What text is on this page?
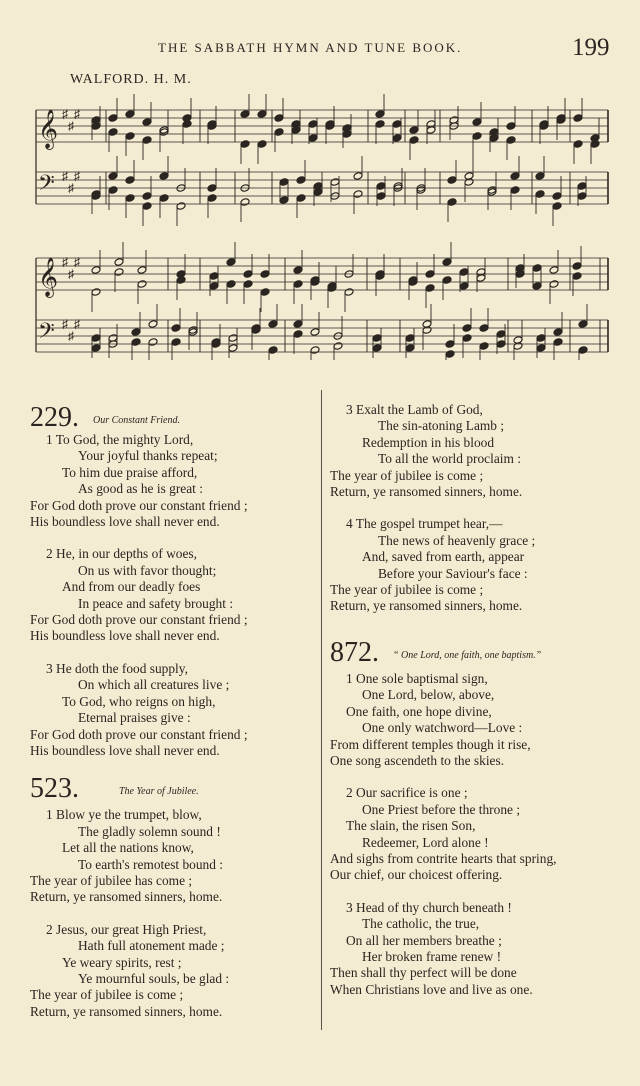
THE SABBATH HYMN AND TUNE BOOK.	199
WALFORD. H. M.
𝄞 ♯
♯
♯
𝄢 ♯
♯
♯
𝄞 ♯
♯
♯
𝄢 ♯
♯
♯
229. Our Constant Friend.
1 To God, the mighty Lord,
Your joyful thanks repeat;
To him due praise afford,
As good as he is great :
For God doth prove our constant friend ;
His boundless love shall never end.
2 He, in our depths of woes,
On us with favor thought;
And from our deadly foes
In peace and safety brought :
For God doth prove our constant friend ;
His boundless love shall never end.
3 He doth the food supply,
On which all creatures live ;
To God, who reigns on high,
Eternal praises give :
For God doth prove our constant friend ;
His boundless love shall never end.
523.	The Year of Jubilee.
1 Blow ye the trumpet, blow,
The gladly solemn sound !
Let all the nations know,
To earth's remotest bound :
The year of jubilee has come ;
Return, ye ransomed sinners, home.
2 Jesus, our great High Priest,
Hath full atonement made ;
Ye weary spirits, rest ;
Ye mournful souls, be glad :
The year of jubilee is come ;
Return, ye ransomed sinners, home.
3 Exalt the Lamb of God,
The sin-atoning Lamb ;
Redemption in his blood
To all the world proclaim :
The year of jubilee is come ;
Return, ye ransomed sinners, home.
4 The gospel trumpet hear,—
The news of heavenly grace ;
And, saved from earth, appear
Before your Saviour's face :
The year of jubilee is come ;
Return, ye ransomed sinners, home.
872. “ One Lord, one faith, one baptism.”
1 One sole baptismal sign,
One Lord, below, above,
One faith, one hope divine,
One only watchword—Love :
From different temples though it rise,
One song ascendeth to the skies.
2 Our sacrifice is one ;
One Priest before the throne ;
The slain, the risen Son,
Redeemer, Lord alone !
And sighs from contrite hearts that spring,
Our chief, our choicest offering.
3 Head of thy church beneath !
The catholic, the true,
On all her members breathe ;
Her broken frame renew !
Then shall thy perfect will be done
When Christians love and live as one.
